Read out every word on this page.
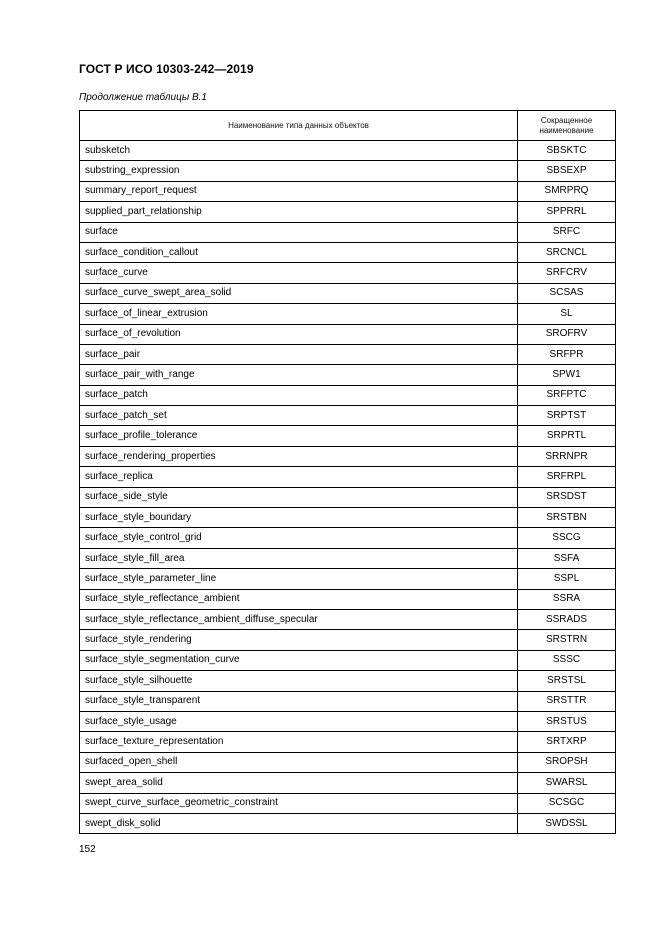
ГОСТ Р ИСО 10303-242—2019
Продолжение таблицы В.1
Наименование типа данных объектов	Сокращенное наименование
subsketch	SBSKTC
substring_expression	SBSEXP
summary_report_request	SMRPRQ
supplied_part_relationship	SPPRRL
surface	SRFC
surface_condition_callout	SRCNCL
surface_curve	SRFCRV
surface_curve_swept_area_solid	SCSAS
surface_of_linear_extrusion	SL
surface_of_revolution	SROFRV
surface_pair	SRFPR
surface_pair_with_range	SPW1
surface_patch	SRFPTC
surface_patch_set	SRPTST
surface_profile_tolerance	SRPRTL
surface_rendering_properties	SRRNPR
surface_replica	SRFRPL
surface_side_style	SRSDST
surface_style_boundary	SRSTBN
surface_style_control_grid	SSCG
surface_style_fill_area	SSFA
surface_style_parameter_line	SSPL
surface_style_reflectance_ambient	SSRA
surface_style_reflectance_ambient_diffuse_specular	SSRADS
surface_style_rendering	SRSTRN
surface_style_segmentation_curve	SSSC
surface_style_silhouette	SRSTSL
surface_style_transparent	SRSTTR
surface_style_usage	SRSTUS
surface_texture_representation	SRTXRP
surfaced_open_shell	SROPSH
swept_area_solid	SWARSL
swept_curve_surface_geometric_constraint	SCSGC
swept_disk_solid	SWDSSL
152
